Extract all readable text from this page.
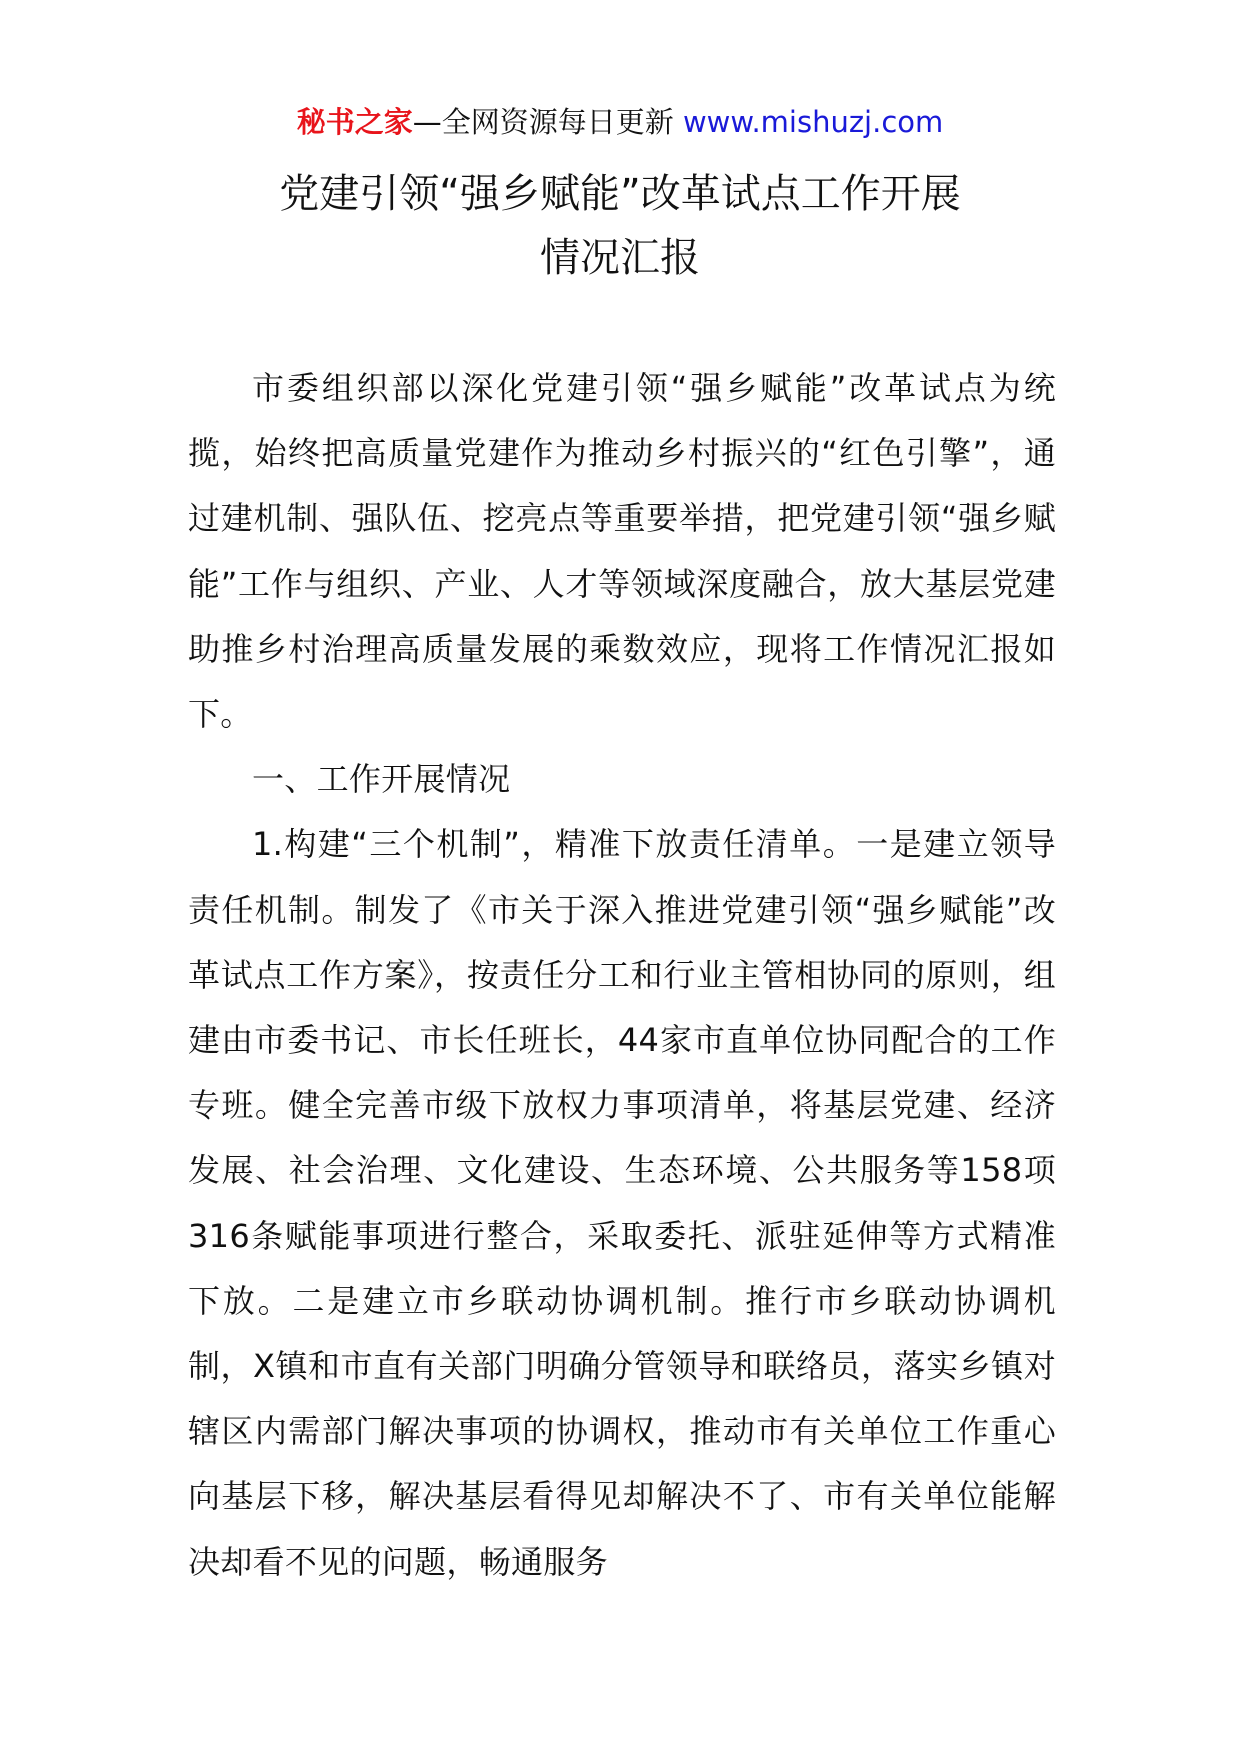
秘书之家—全网资源每日更新 www.mishuzj.com
党建引领“强乡赋能”改革试点工作开展
情况汇报

市委组织部以深化党建引领“强乡赋能”改革试点为统揽，始终把高质量党建作为推动乡村振兴的“红色引擎”，通过建机制、强队伍、挖亮点等重要举措，把党建引领“强乡赋能”工作与组织、产业、人才等领域深度融合，放大基层党建助推乡村治理高质量发展的乘数效应，现将工作情况汇报如下。

一、工作开展情况

1.构建“三个机制”，精准下放责任清单。一是建立领导责任机制。制发了《市关于深入推进党建引领“强乡赋能”改革试点工作方案》，按责任分工和行业主管相协同的原则，组建由市委书记、市长任班长，44家市直单位协同配合的工作专班。健全完善市级下放权力事项清单，将基层党建、经济发展、社会治理、文化建设、生态环境、公共服务等158项316条赋能事项进行整合，采取委托、派驻延伸等方式精准下放。二是建立市乡联动协调机制。推行市乡联动协调机制，X镇和市直有关部门明确分管领导和联络员，落实乡镇对辖区内需部门解决事项的协调权，推动市有关单位工作重心向基层下移，解决基层看得见却解决不了、市有关单位能解决却看不见的问题，畅通服务
